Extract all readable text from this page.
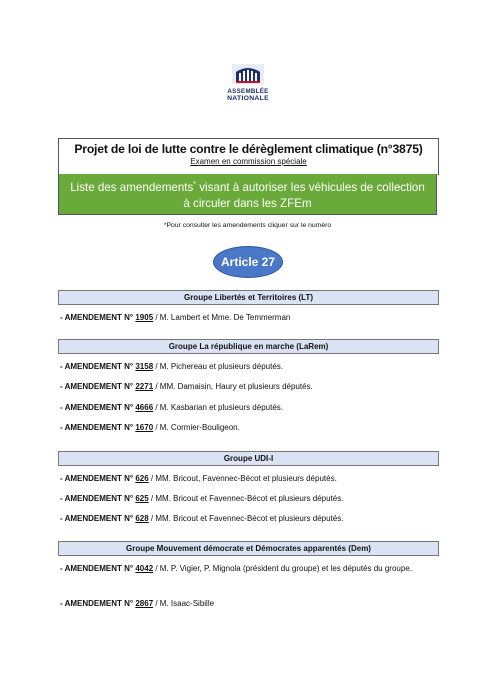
ASSEMBLÉE
NATIONALE
Projet de loi de lutte contre le dérèglement climatique (n°3875)
Examen en commission spéciale
Liste des amendements* visant à autoriser les véhicules de collection
à circuler dans les ZFEm
*Pour consulter les amendements cliquer sur le numéro
Article 27
Groupe Libertés et Territoires (LT)
- AMENDEMENT N° 1905 / M. Lambert et Mme. De Temmerman
Groupe La république en marche (LaRem)
- AMENDEMENT N° 3158 / M. Pichereau et plusieurs députés.
- AMENDEMENT N° 2271 / MM. Damaisin, Haury et plusieurs députés.
- AMENDEMENT N° 4666 / M. Kasbarian et plusieurs députés.
- AMENDEMENT N° 1670 / M. Cormier-Bouligeon.
Groupe UDI-I
- AMENDEMENT N° 626 / MM. Bricout, Favennec-Bécot et plusieurs députés.
- AMENDEMENT N° 625 / MM. Bricout et Favennec-Bécot et plusieurs députés.
- AMENDEMENT N° 628 / MM. Bricout et Favennec-Bécot et plusieurs députés.
Groupe Mouvement démocrate et Démocrates apparentés (Dem)
- AMENDEMENT N° 4042 / M. P. Vigier, P. Mignola (président du groupe) et les députés du groupe.
- AMENDEMENT N° 2867 / M. Isaac-Sibille
